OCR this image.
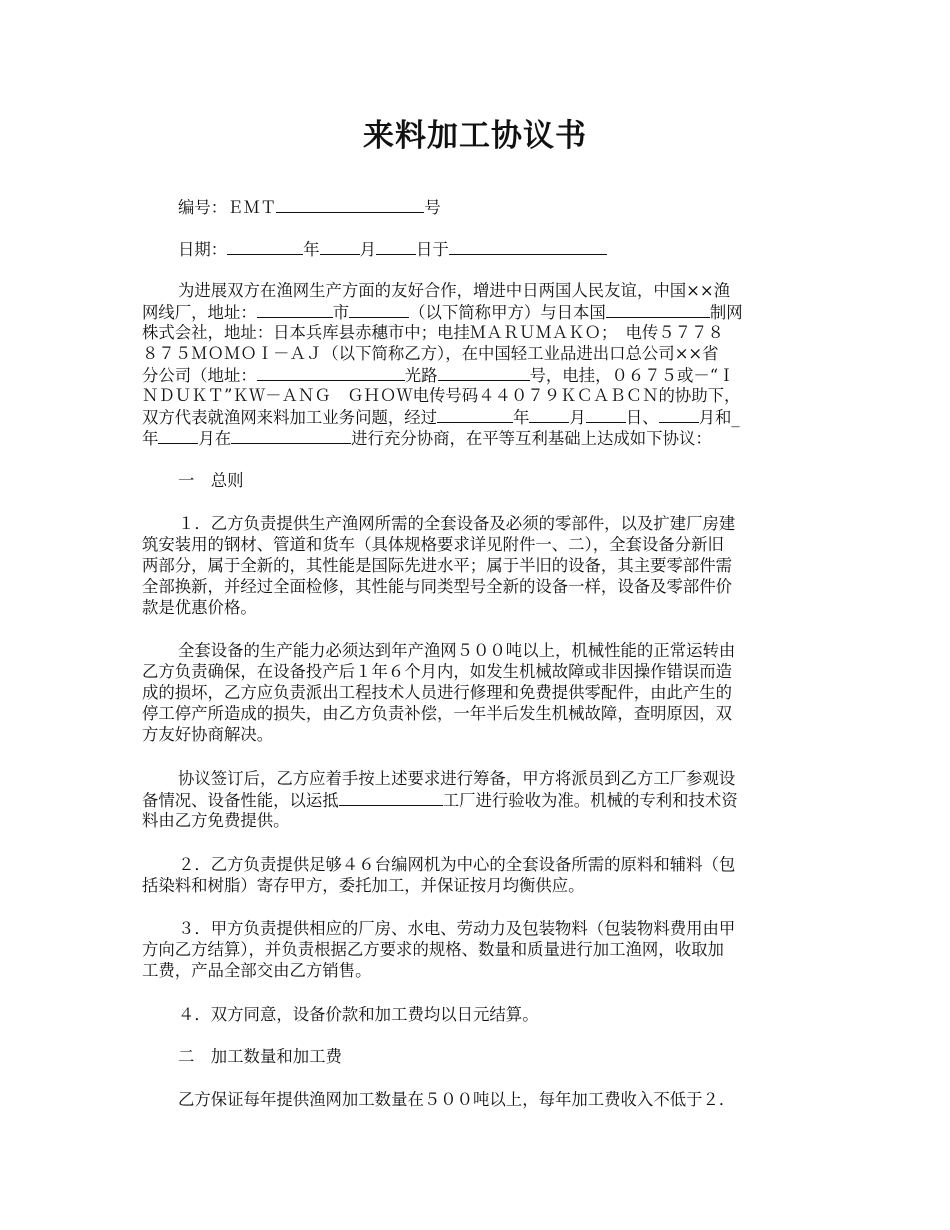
来料加工协议书
编号：ＥＭＴ	号
日期：	年 月 日于
为进展双方在渔网生产方面的友好合作，增进中日两国人民友谊，中国××渔
网线厂，地址：	市	（以下简称甲方）与日本国	制网
株式会社，地址：日本兵库县赤穗市中；电挂ＭＡＲＵＭＡＫＯ；　电传５７７８
８７５ＭＯＭＯＩ－ＡＪ（以下简称乙方），在中国轻工业品进出口总公司××省
分公司（地址：	光路	号，电挂，０６７５或－“Ｉ
ＮＤＵＫＴ”ＫＷ－ＡＮＧ　ＧＨＯＷ电传号码４４０７９ＫＣＡＢＣＮ的协助下，
双方代表就渔网来料加工业务问题，经过	年 月 日、 月和_
年 月在	进行充分协商，在平等互利基础上达成如下协议：
一　总则
１．乙方负责提供生产渔网所需的全套设备及必须的零部件，以及扩建厂房建
筑安装用的钢材、管道和货车（具体规格要求详见附件一、二），全套设备分新旧
两部分，属于全新的，其性能是国际先进水平；属于半旧的设备，其主要零部件需
全部换新，并经过全面检修，其性能与同类型号全新的设备一样，设备及零部件价
款是优惠价格。
全套设备的生产能力必须达到年产渔网５００吨以上，机械性能的正常运转由
乙方负责确保，在设备投产后１年６个月内，如发生机械故障或非因操作错误而造
成的损坏，乙方应负责派出工程技术人员进行修理和免费提供零配件，由此产生的
停工停产所造成的损失，由乙方负责补偿，一年半后发生机械故障，查明原因，双
方友好协商解决。
协议签订后，乙方应着手按上述要求进行筹备，甲方将派员到乙方工厂参观设
备情况、设备性能，以运抵	工厂进行验收为准。机械的专利和技术资
料由乙方免费提供。
２．乙方负责提供足够４６台编网机为中心的全套设备所需的原料和辅料（包
括染料和树脂）寄存甲方，委托加工，并保证按月均衡供应。
３．甲方负责提供相应的厂房、水电、劳动力及包装物料（包装物料费用由甲
方向乙方结算），并负责根据乙方要求的规格、数量和质量进行加工渔网，收取加
工费，产品全部交由乙方销售。
４．双方同意，设备价款和加工费均以日元结算。
二　加工数量和加工费
乙方保证每年提供渔网加工数量在５００吨以上，每年加工费收入不低于２．
